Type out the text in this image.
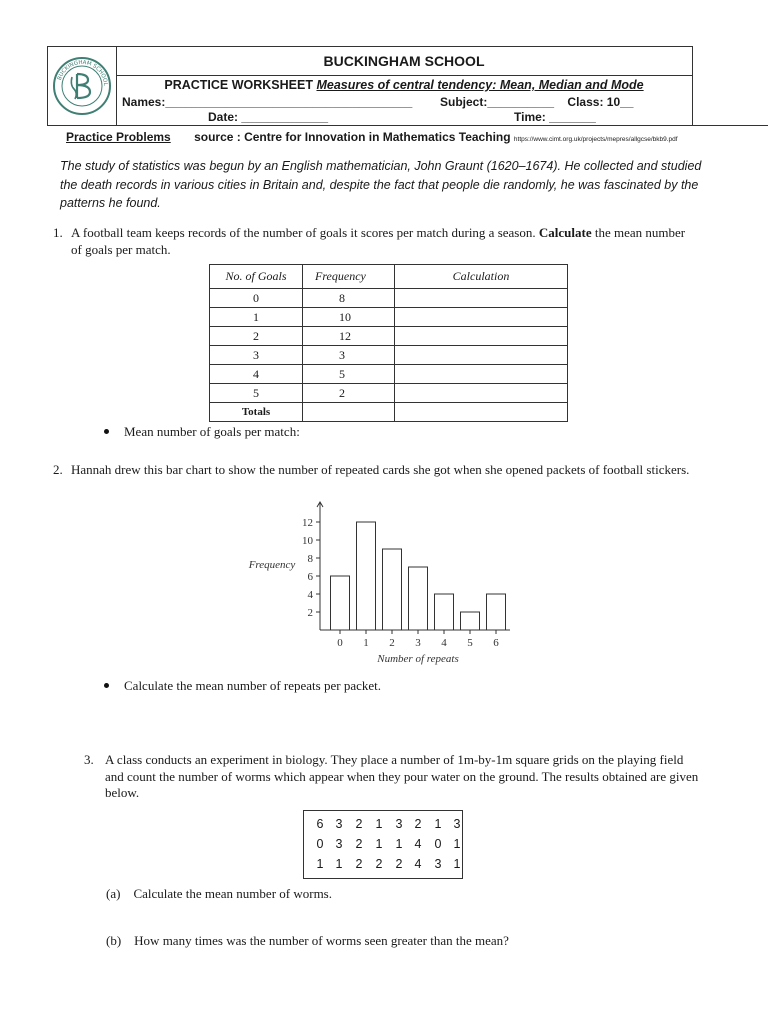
BUCKINGHAM SCHOOL
BUCKINGHAM SCHOOL
PRACTICE WORKSHEET Measures of central tendency: Mean, Median and Mode
Names:_____________________________________ Subject:__________ Class: 10__
Date: _____________	Time: _______
Practice Problems source : Centre for Innovation in Mathematics Teaching https://www.cimt.org.uk/projects/mepres/allgcse/bkb9.pdf
The study of statistics was begun by an English mathematician, John Graunt (1620–1674). He collected and studied the death records in various cities in Britain and, despite the fact that people die randomly, he was fascinated by the patterns he found.
1. A football team keeps records of the number of goals it scores per match during a season. Calculate the mean number of goals per match.
No. of Goals	Frequency	Calculation
0	8	
1	10	
2	12	
3	3	
4	5	
5	2	
Totals		
Mean number of goals per match:
2. Hannah drew this bar chart to show the number of repeated cards she got when she opened packets of football stickers.
2
4
6
8
10
12
0 1 2 3 4 5 6
Frequency
Number of repeats
Calculate the mean number of repeats per packet.
3. A class conducts an experiment in biology. They place a number of 1m-by-1m square grids on the playing field and count the number of worms which appear when they pour water on the ground. The results obtained are given below.
6 3	2	1	3 2	1 3
0 3	2	1	1 4	0 1
1 1	2	2	2 4	3 1
(a) Calculate the mean number of worms.
(b) How many times was the number of worms seen greater than the mean?
